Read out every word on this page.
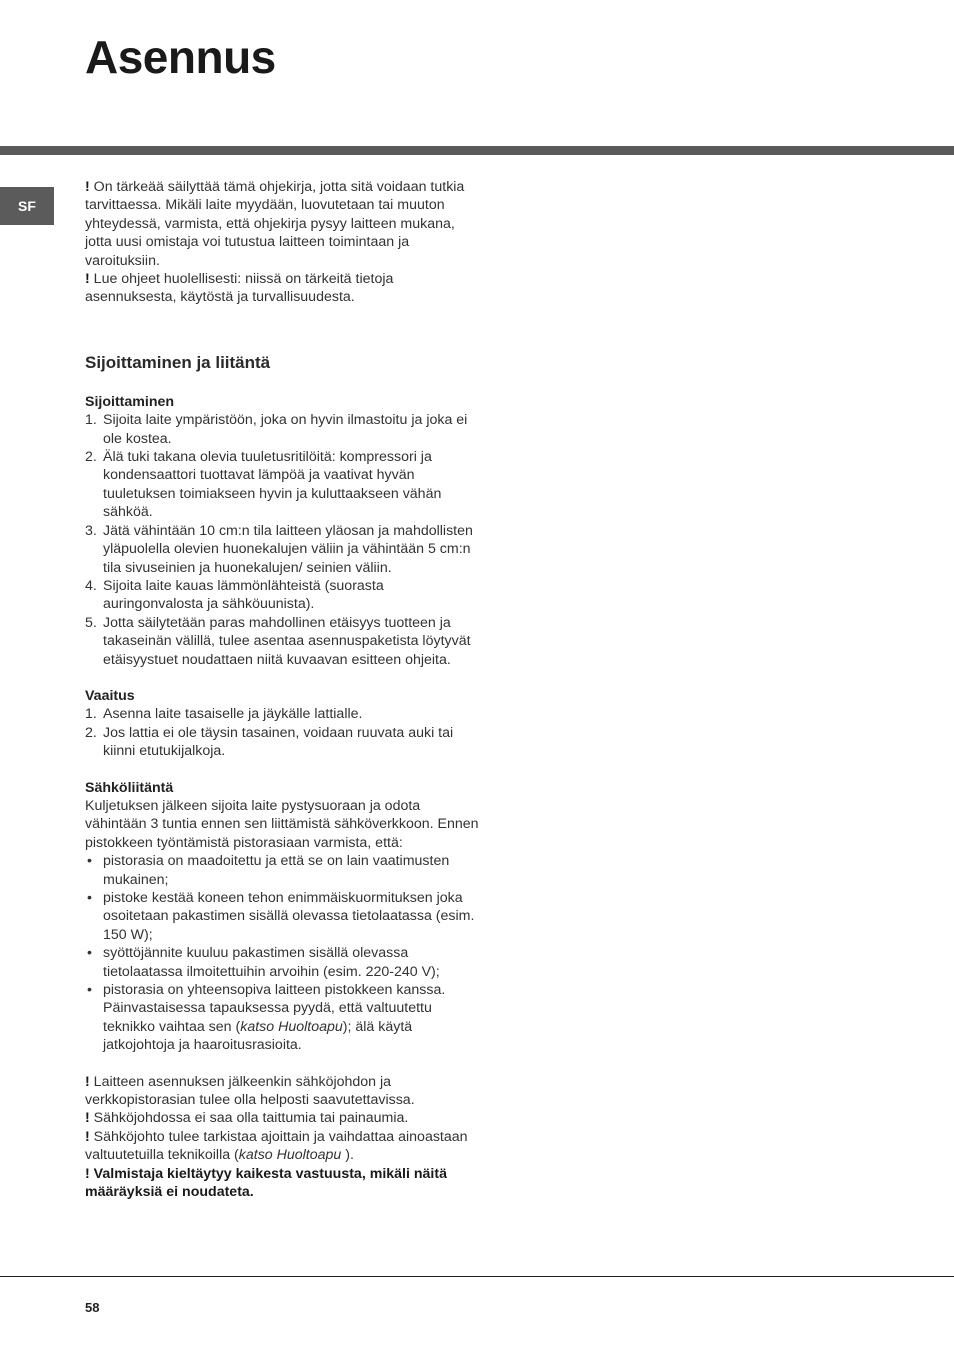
Asennus
SF

! On tärkeää säilyttää tämä ohjekirja, jotta sitä voidaan tutkia tarvittaessa. Mikäli laite myydään, luovutetaan tai muuton yhteydessä, varmista, että ohjekirja pysyy laitteen mukana, jotta uusi omistaja voi tutustua laitteen toimintaan ja varoituksiin.

! Lue ohjeet huolellisesti: niissä on tärkeitä tietoja asennuksesta, käytöstä ja turvallisuudesta.

Sijoittaminen ja liitäntä
Sijoittaminen
1. Sijoita laite ympäristöön, joka on hyvin ilmastoitu ja joka ei ole kostea.
2. Älä tuki takana olevia tuuletusritilöitä: kompressori ja kondensaattori tuottavat lämpöä ja vaativat hyvän tuuletuksen toimiakseen hyvin ja kuluttaakseen vähän sähköä.
3. Jätä vähintään 10 cm:n tila laitteen yläosan ja mahdollisten yläpuolella olevien huonekalujen väliin ja vähintään 5 cm:n tila sivuseinien ja huonekalujen/ seinien väliin.
4. Sijoita laite kauas lämmönlähteistä (suorasta auringonvalosta ja sähköuunista).
5. Jotta säilytetään paras mahdollinen etäisyys tuotteen ja takaseinän välillä, tulee asentaa asennuspaketista löytyvät etäisyystuet noudattaen niitä kuvaavan esitteen ohjeita.
Vaaitus
1. Asenna laite tasaiselle ja jäykälle lattialle.
2. Jos lattia ei ole täysin tasainen, voidaan ruuvata auki tai kiinni etutukijalkoja.
Sähköliitäntä

Kuljetuksen jälkeen sijoita laite pystysuoraan ja odota vähintään 3 tuntia ennen sen liittämistä sähköverkkoon. Ennen pistokkeen työntämistä pistorasiaan varmista, että:

• pistorasia on maadoitettu ja että se on lain vaatimusten mukainen;
• pistoke kestää koneen tehon enimmäiskuormituksen joka osoitetaan pakastimen sisällä olevassa tietolaatassa (esim. 150 W);
• syöttöjännite kuuluu pakastimen sisällä olevassa tietolaatassa ilmoitettuihin arvoihin (esim. 220-240 V);
• pistorasia on yhteensopiva laitteen pistokkeen kanssa. Päinvastaisessa tapauksessa pyydä, että valtuutettu teknikko vaihtaa sen (katso Huoltoapu); älä käytä jatkojohtoja ja haaroitusrasioita.

! Laitteen asennuksen jälkeenkin sähköjohdon ja verkkopistorasian tulee olla helposti saavutettavissa.

! Sähköjohdossa ei saa olla taittumia tai painaumia.

! Sähköjohto tulee tarkistaa ajoittain ja vaihdattaa ainoastaan valtuutetuilla teknikoilla (katso Huoltoapu ).

! Valmistaja kieltäytyy kaikesta vastuusta, mikäli näitä määräyksiä ei noudateta.

58
